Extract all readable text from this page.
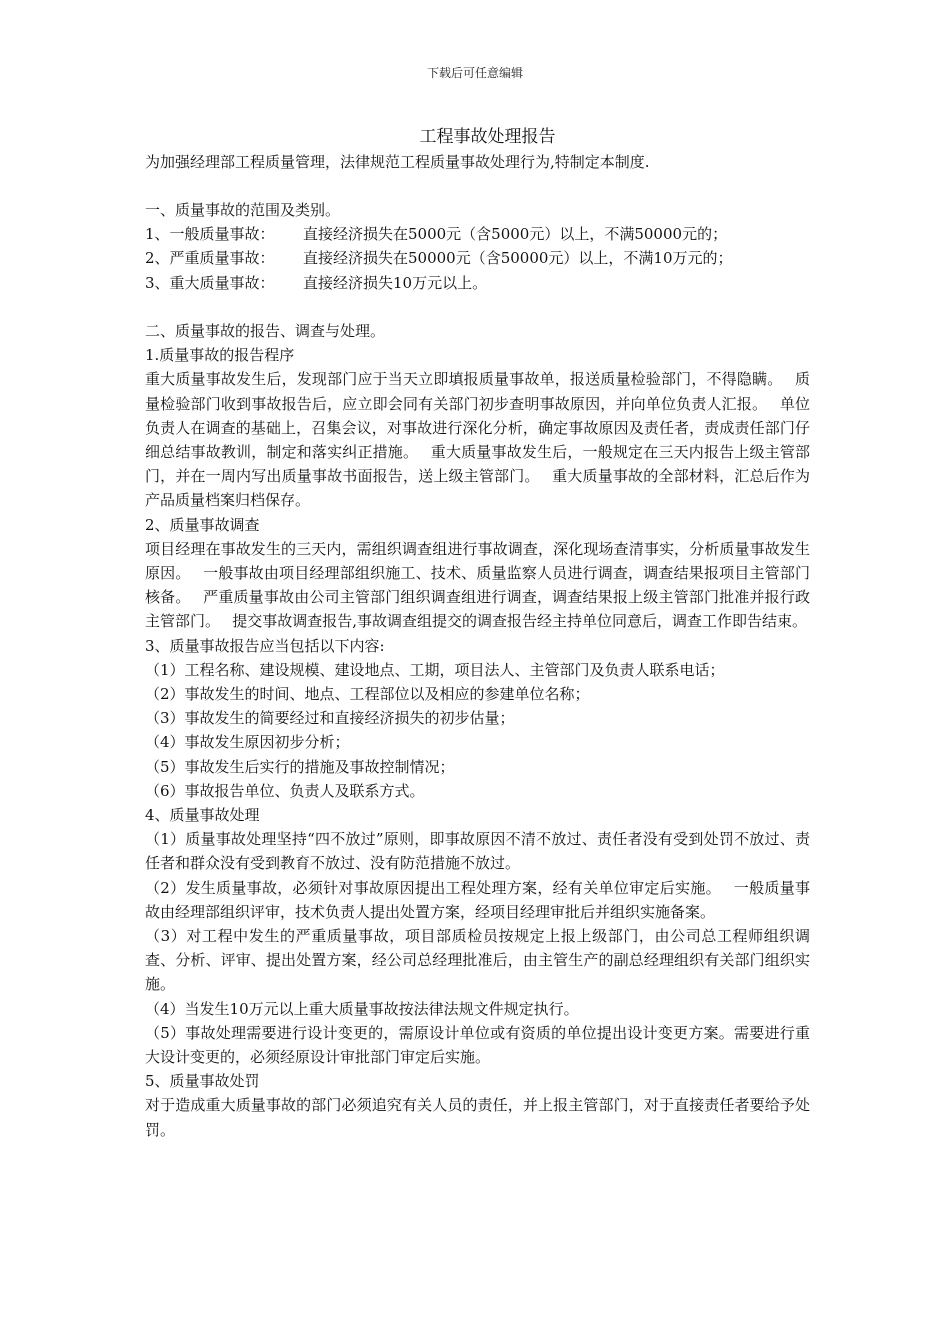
下载后可任意编辑
工程事故处理报告

为加强经理部工程质量管理，法律规范工程质量事故处理行为,特制定本制度.

一、质量事故的范围及类别。

1、一般质量事故：	直接经济损失在5000元（含5000元）以上，不满50000元的；
2、严重质量事故：	直接经济损失在50000元（含50000元）以上，不满10万元的；
3、重大质量事故：	直接经济损失10万元以上。

二、质量事故的报告、调查与处理。

1.质量事故的报告程序

重大质量事故发生后，发现部门应于当天立即填报质量事故单，报送质量检验部门，不得隐瞒。　 质量检验部门收到事故报告后，应立即会同有关部门初步查明事故原因，并向单位负责人汇报。　 单位负责人在调查的基础上，召集会议，对事故进行深化分析，确定事故原因及责任者，责成责任部门仔细总结事故教训，制定和落实纠正措施。　 重大质量事故发生后，一般规定在三天内报告上级主管部门，并在一周内写出质量事故书面报告，送上级主管部门。　 重大质量事故的全部材料，汇总后作为产品质量档案归档保存。

2、质量事故调查

项目经理在事故发生的三天内，需组织调查组进行事故调查，深化现场查清事实，分析质量事故发生原因。　 一般事故由项目经理部组织施工、技术、质量监察人员进行调查，调查结果报项目主管部门核备。　 严重质量事故由公司主管部门组织调查组进行调查，调查结果报上级主管部门批准并报行政主管部门。　 提交事故调查报告,事故调查组提交的调查报告经主持单位同意后，调查工作即告结束。

3、质量事故报告应当包括以下内容:

（1）工程名称、建设规模、建设地点、工期，项目法人、主管部门及负责人联系电话；

（2）事故发生的时间、地点、工程部位以及相应的参建单位名称；

（3）事故发生的简要经过和直接经济损失的初步估量；

（4）事故发生原因初步分析；

（5）事故发生后实行的措施及事故控制情况；

（6）事故报告单位、负责人及联系方式。

4、质量事故处理

（1）质量事故处理坚持“四不放过”原则，即事故原因不清不放过、责任者没有受到处罚不放过、责任者和群众没有受到教育不放过、没有防范措施不放过。

（2）发生质量事故，必须针对事故原因提出工程处理方案，经有关单位审定后实施。　 一般质量事故由经理部组织评审，技术负责人提出处置方案，经项目经理审批后并组织实施备案。

（3）对工程中发生的严重质量事故，项目部质检员按规定上报上级部门，由公司总工程师组织调查、分析、评审、提出处置方案，经公司总经理批准后，由主管生产的副总经理组织有关部门组织实施。

（4）当发生10万元以上重大质量事故按法律法规文件规定执行。

（5）事故处理需要进行设计变更的，需原设计单位或有资质的单位提出设计变更方案。需要进行重大设计变更的，必须经原设计审批部门审定后实施。

5、质量事故处罚

对于造成重大质量事故的部门必须追究有关人员的责任，并上报主管部门，对于直接责任者要给予处罚。
